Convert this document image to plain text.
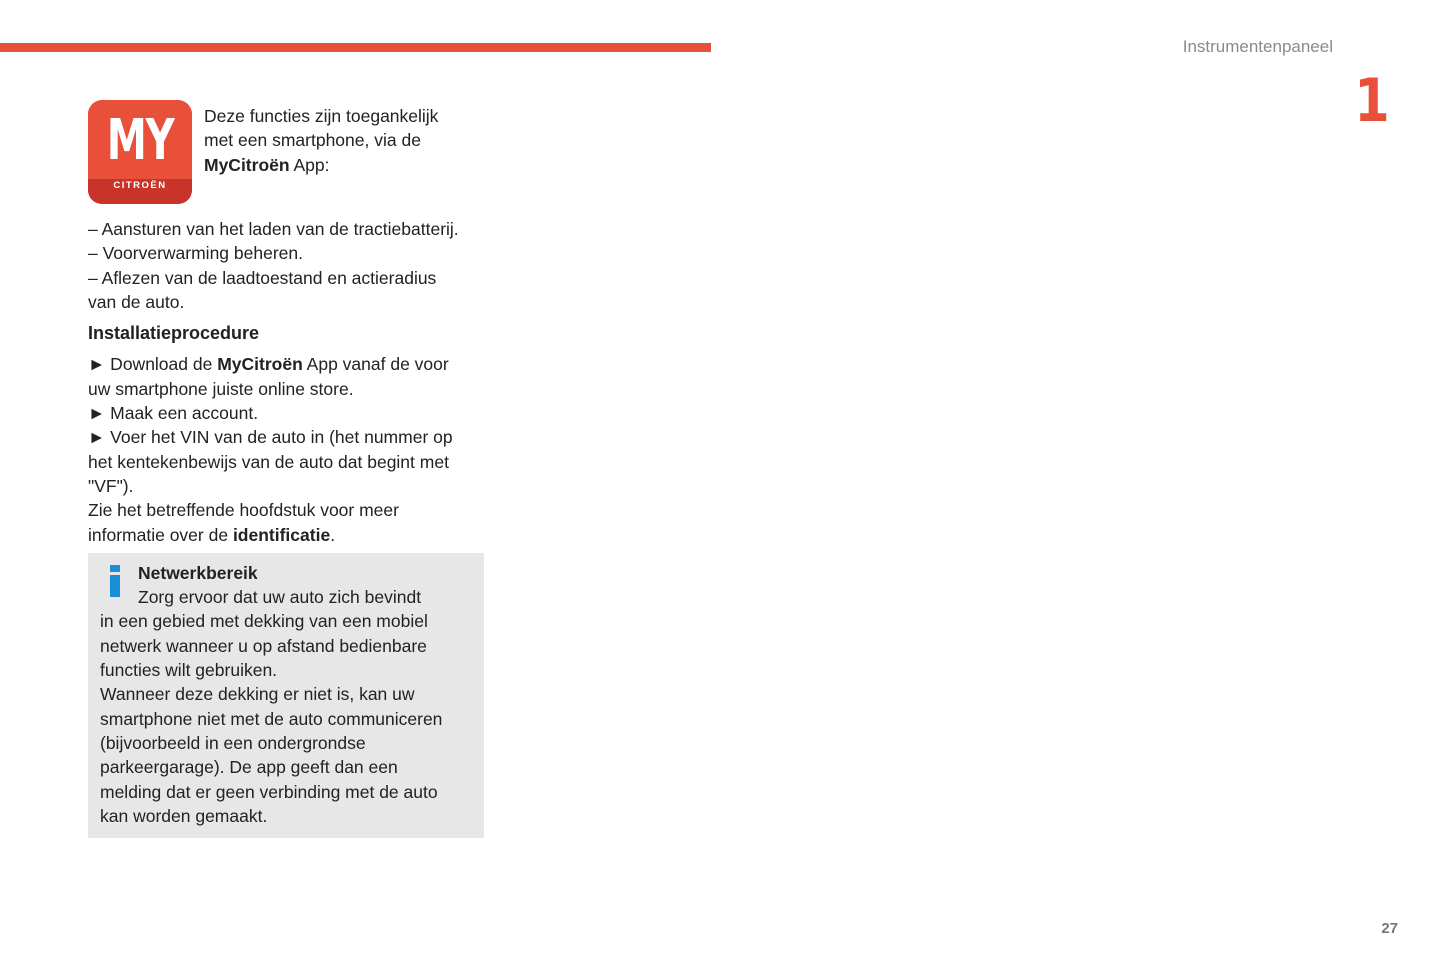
Instrumentenpaneel
1
MY
CITROËN
Deze functies zijn toegankelijk
met een smartphone, via de
MyCitroën App:
– Aansturen van het laden van de tractiebatterij.
– Voorverwarming beheren.
– Aflezen van de laadtoestand en actieradius
van de auto.
Installatieprocedure
► Download de MyCitroën App vanaf de voor
uw smartphone juiste online store.
► Maak een account.
► Voer het VIN van de auto in (het nummer op
het kentekenbewijs van de auto dat begint met
"VF").
Zie het betreffende hoofdstuk voor meer
informatie over de identificatie.
Netwerkbereik
Zorg ervoor dat uw auto zich bevindt
in een gebied met dekking van een mobiel
netwerk wanneer u op afstand bedienbare
functies wilt gebruiken.
Wanneer deze dekking er niet is, kan uw
smartphone niet met de auto communiceren
(bijvoorbeeld in een ondergrondse
parkeergarage). De app geeft dan een
melding dat er geen verbinding met de auto
kan worden gemaakt.
27
